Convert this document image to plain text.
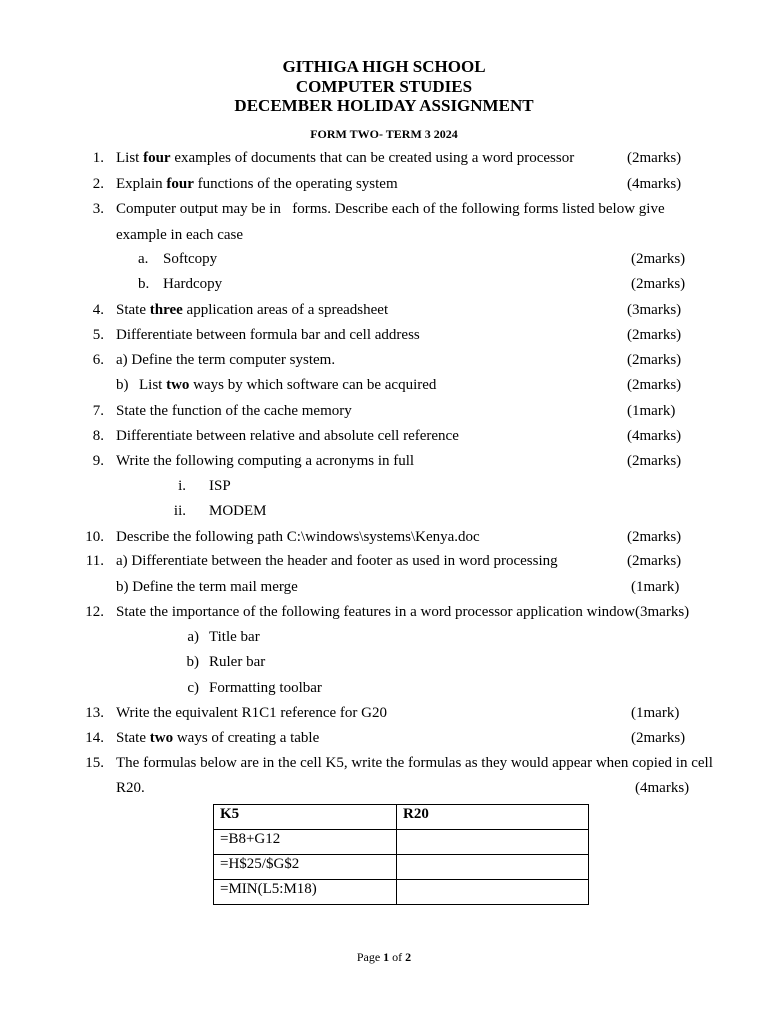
GITHIGA HIGH SCHOOL
COMPUTER STUDIES
DECEMBER HOLIDAY ASSIGNMENT
FORM TWO- TERM 3 2024
1. List four examples of documents that can be created using a word processor	(2marks)
2. Explain four functions of the operating system	(4marks)
3. Computer output may be in   forms. Describe each of the following forms listed below give
example in each case
a. Softcopy	(2marks)
b. Hardcopy	(2marks)
4. State three application areas of a spreadsheet	(3marks)
5. Differentiate between formula bar and cell address	(2marks)
6. a) Define the term computer system.	(2marks)
b) List two ways by which software can be acquired	(2marks)
7. State the function of the cache memory	(1mark)
8. Differentiate between relative and absolute cell reference	(4marks)
9. Write the following computing a acronyms in full	(2marks)
i. ISP
ii. MODEM
10. Describe the following path C:\windows\systems\Kenya.doc	(2marks)
11. a) Differentiate between the header and footer as used in word processing	(2marks)
b) Define the term mail merge	(1mark)
12. State the importance of the following features in a word processor application window(3marks)
a) Title bar
b) Ruler bar
c) Formatting toolbar
13. Write the equivalent R1C1 reference for G20	(1mark)
14. State two ways of creating a table	(2marks)
15. The formulas below are in the cell K5, write the formulas as they would appear when copied in cell
R20.	(4marks)
K5	R20
=B8+G12	
=H$25/$G$2	
=MIN(L5:M18)	
Page 1 of 2
